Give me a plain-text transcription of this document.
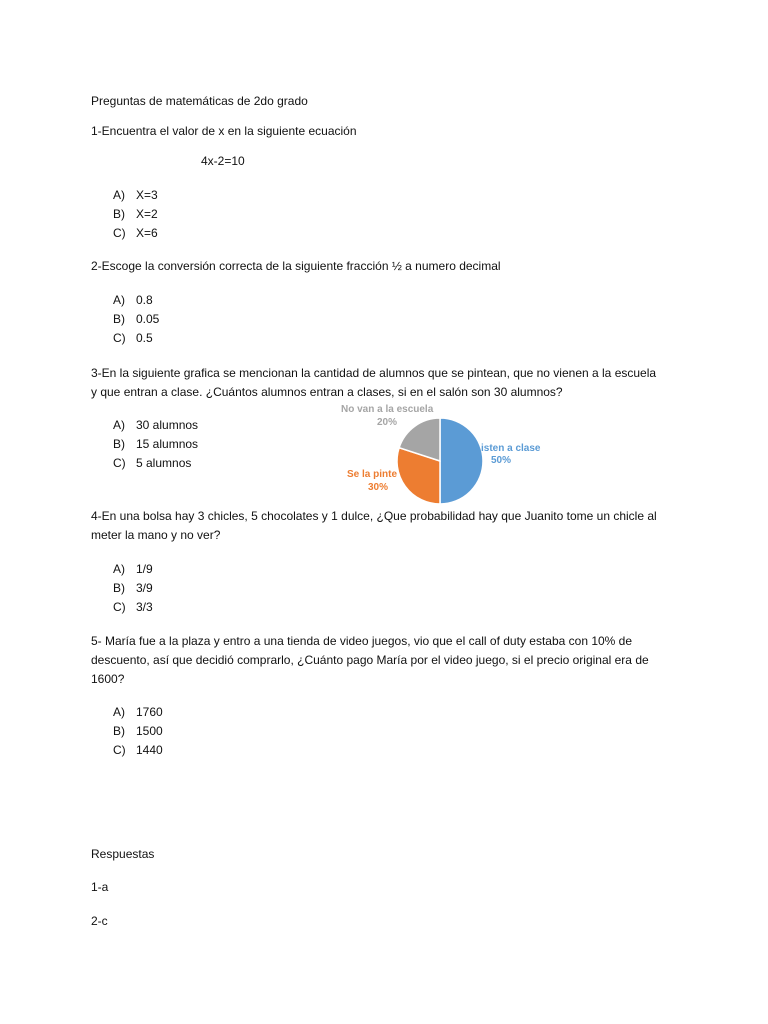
Preguntas de matemáticas de 2do grado
1-Encuentra el valor de x en la siguiente ecuación
4x-2=10
A) X=3
B) X=2
C) X=6
2-Escoge la conversión correcta de la siguiente fracción ½ a numero decimal
A) 0.8
B) 0.05
C) 0.5
3-En la siguiente grafica se mencionan la cantidad de alumnos que se pintean, que no vienen a la escuela
y que entran a clase. ¿Cuántos alumnos entran a clases, si en el salón son 30 alumnos?
A) 30 alumnos
B) 15 alumnos
C) 5 alumnos
isten a clase
50%
Se la pinte
30%
No van a la escuela
20%
4-En una bolsa hay 3 chicles, 5 chocolates y 1 dulce, ¿Que probabilidad hay que Juanito tome un chicle al
meter la mano y no ver?
A) 1/9
B) 3/9
C) 3/3
5- María fue a la plaza y entro a una tienda de video juegos, vio que el call of duty estaba con 10% de
descuento, así que decidió comprarlo, ¿Cuánto pago María por el video juego, si el precio original era de
1600?
A) 1760
B) 1500
C) 1440
Respuestas
1-a
2-c
